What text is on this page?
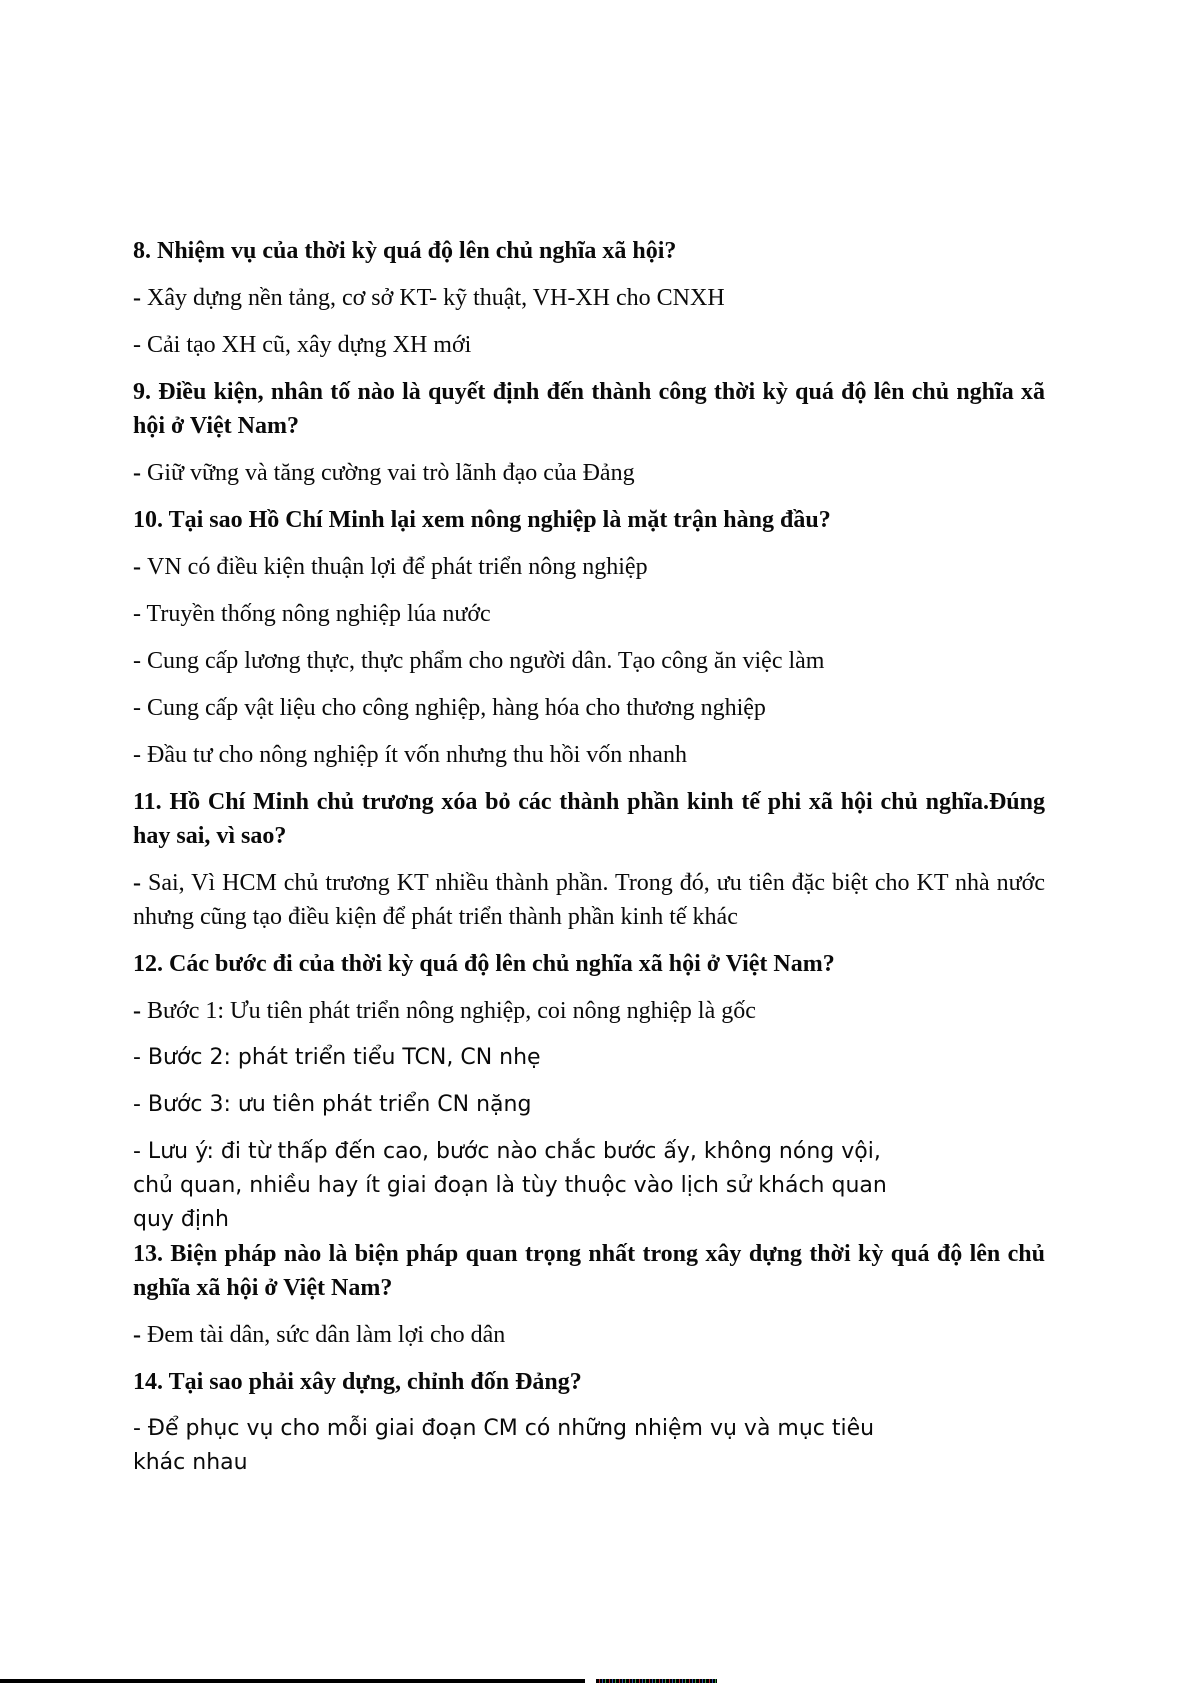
8. Nhiệm vụ của thời kỳ quá độ lên chủ nghĩa xã hội?

- Xây dựng nền tảng, cơ sở KT- kỹ thuật, VH-XH cho CNXH

- Cải tạo XH cũ, xây dựng XH mới

9. Điều kiện, nhân tố nào là quyết định đến thành công thời kỳ quá độ lên chủ nghĩa xã hội ở Việt Nam?

- Giữ vững và tăng cường vai trò lãnh đạo của Đảng

10. Tại sao Hồ Chí Minh lại xem nông nghiệp là mặt trận hàng đầu?

- VN có điều kiện thuận lợi để phát triển nông nghiệp

- Truyền thống nông nghiệp lúa nước

- Cung cấp lương thực, thực phẩm cho người dân. Tạo công ăn việc làm

- Cung cấp vật liệu cho công nghiệp, hàng hóa cho thương nghiệp

- Đầu tư cho nông nghiệp ít vốn nhưng thu hồi vốn nhanh

11. Hồ Chí Minh chủ trương xóa bỏ các thành phần kinh tế phi xã hội chủ nghĩa.Đúng hay sai, vì sao?

- Sai, Vì HCM chủ trương KT nhiều thành phần. Trong đó, ưu tiên đặc biệt cho KT nhà nước nhưng cũng tạo điều kiện để phát triển thành phần kinh tế khác

12. Các bước đi của thời kỳ quá độ lên chủ nghĩa xã hội ở Việt Nam?

- Bước 1: Ưu tiên phát triển nông nghiệp, coi nông nghiệp là gốc

- Bước 2: phát triển tiểu TCN, CN nhẹ

- Bước 3: ưu tiên phát triển CN nặng

- Lưu ý: đi từ thấp đến cao, bước nào chắc bước ấy, không nóng vội,
chủ quan, nhiều hay ít giai đoạn là tùy thuộc vào lịch sử khách quan
quy định

13. Biện pháp nào là biện pháp quan trọng nhất trong xây dựng thời kỳ quá độ lên chủ nghĩa xã hội ở Việt Nam?

- Đem tài dân, sức dân làm lợi cho dân

14. Tại sao phải xây dựng, chỉnh đốn Đảng?

- Để phục vụ cho mỗi giai đoạn CM có những nhiệm vụ và mục tiêu
khác nhau
